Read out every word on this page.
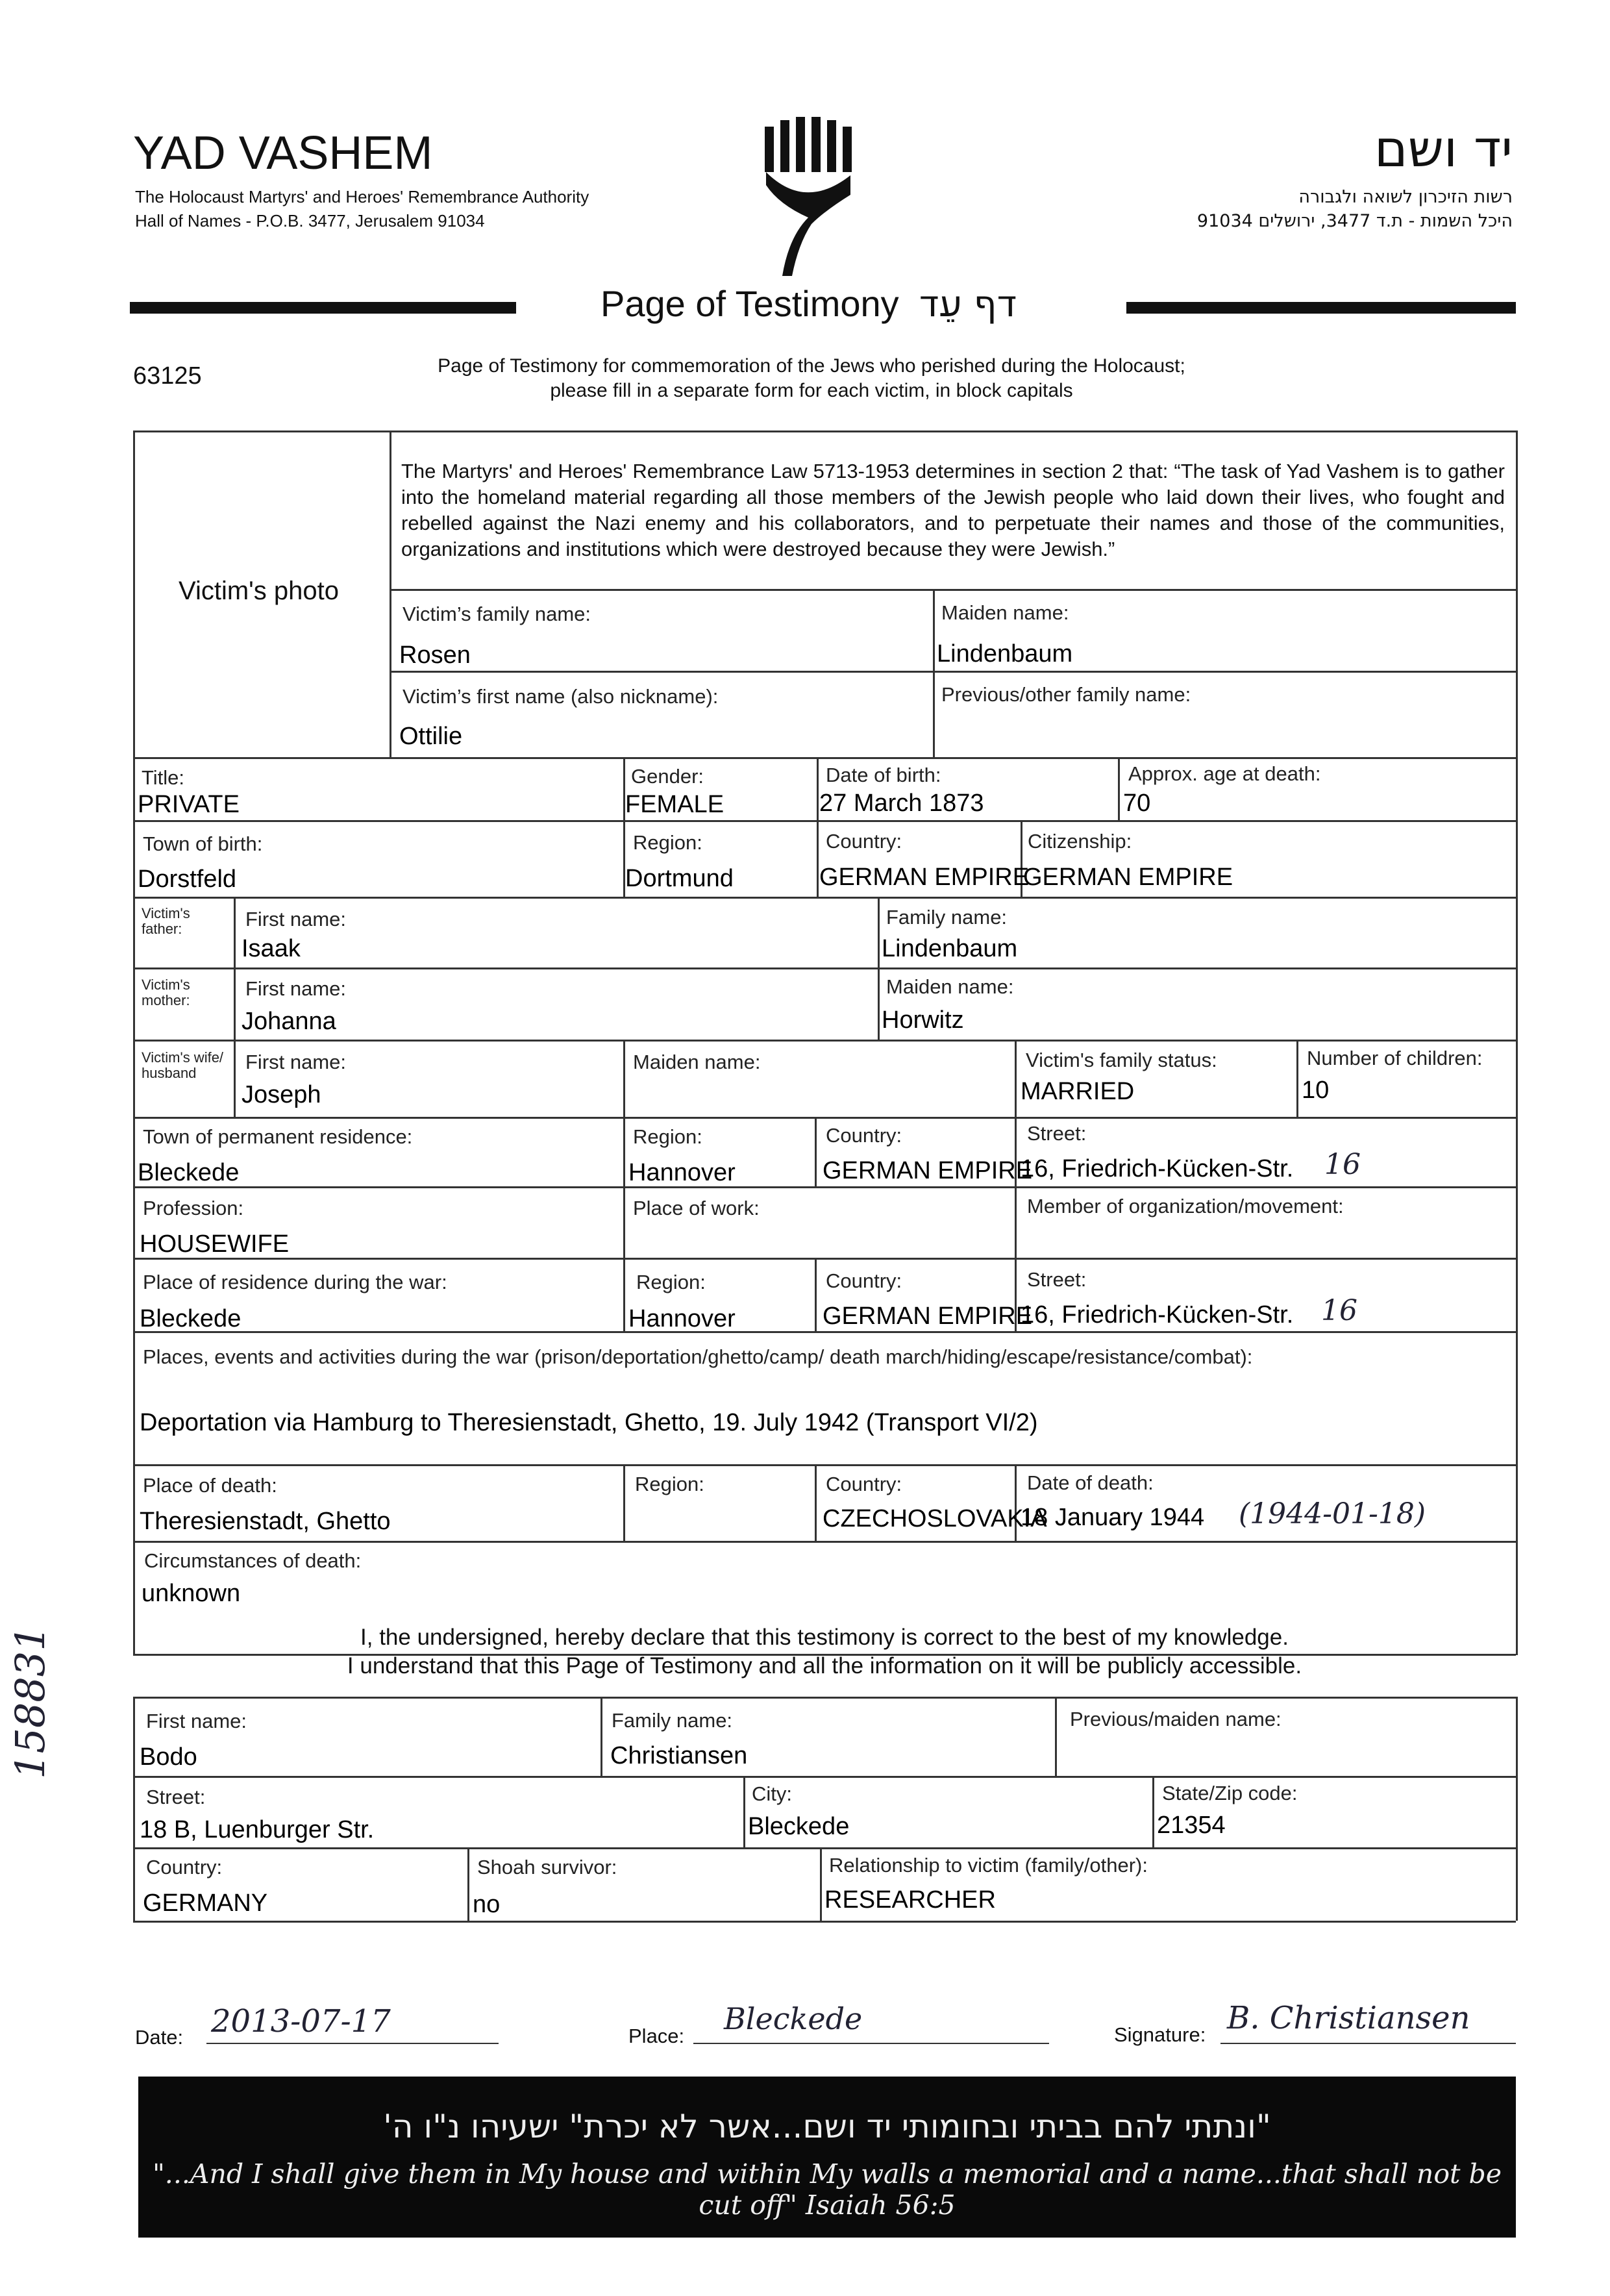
YAD VASHEM
The Holocaust Martyrs' and Heroes' Remembrance Authority
Hall of Names - P.O.B. 3477, Jerusalem 91034
יד ושם
רשות הזיכרון לשואה ולגבורה
היכל השמות - ת.ד 3477, ירושלים 91034
Page of Testimony דף עֵד
63125	Page of Testimony for commemoration of the Jews who perished during the Holocaust;
please fill in a separate form for each victim, in block capitals
The Martyrs' and Heroes' Remembrance Law 5713-1953 determines in section 2 that: “The task of Yad Vashem is to gather into the homeland material regarding all those members of the Jewish people who laid down their lives, who fought and rebelled against the Nazi enemy and his collaborators, and to perpetuate their names and those of the communities, organizations and institutions which were destroyed because they were Jewish.”
Victim's photo
Victim’s family name:
Rosen
Maiden name:
Lindenbaum
Victim’s first name (also nickname):
Ottilie
Previous/other family name:
Title:
PRIVATE
Gender:
FEMALE
Date of birth:
27 March 1873
Approx. age at death:
70
Town of birth:
Dorstfeld
Region:
Dortmund
Country:
GERMAN EMPIRE
Citizenship:
GERMAN EMPIRE
Victim's father:	First name:
Isaak
Family name:
Lindenbaum
Victim's mother:
First name:
Johanna
Maiden name:
Horwitz
Victim's wife/ husband	First name:
Joseph
Maiden name:	Victim's family status:
MARRIED
Number of children:
10
Town of permanent residence:
Bleckede
Region:
Hannover
Country:
GERMAN EMPIRE
Street:
16, Friedrich-Kücken-Str. 16
Profession:
HOUSEWIFE
Place of work:	Member of organization/movement:
Place of residence during the war:
Bleckede
Region:
Hannover
Country:
GERMAN EMPIRE
Street:
16, Friedrich-Kücken-Str. 16
Places, events and activities during the war (prison/deportation/ghetto/camp/ death march/hiding/escape/resistance/combat):
Deportation via Hamburg to Theresienstadt, Ghetto, 19. July 1942 (Transport VI/2)
Place of death:
Theresienstadt, Ghetto
Region:	Country:
CZECHOSLOVAKIA
Date of death:
18 January 1944 (1944-01-18)
Circumstances of death:
unknown
I, the undersigned, hereby declare that this testimony is correct to the best of my knowledge.
I understand that this Page of Testimony and all the information on it will be publicly accessible.
First name:
Bodo
Family name:
Christiansen
Previous/maiden name:
Street:
18 B, Luenburger Str.
City:
Bleckede
State/Zip code:
21354
Country:
GERMANY
Shoah survivor:
no
Relationship to victim (family/other):
RESEARCHER
Date: 2013-07-17	Place: Bleckede	Signature: B. Christiansen
158831
"ונתתי להם בביתי ובחומותי יד ושם...אשר לא יכרת" ישעיהו נ"ו ה'
"...And I shall give them in My house and within My walls a memorial and a name...that shall not be cut off" Isaiah 56:5
